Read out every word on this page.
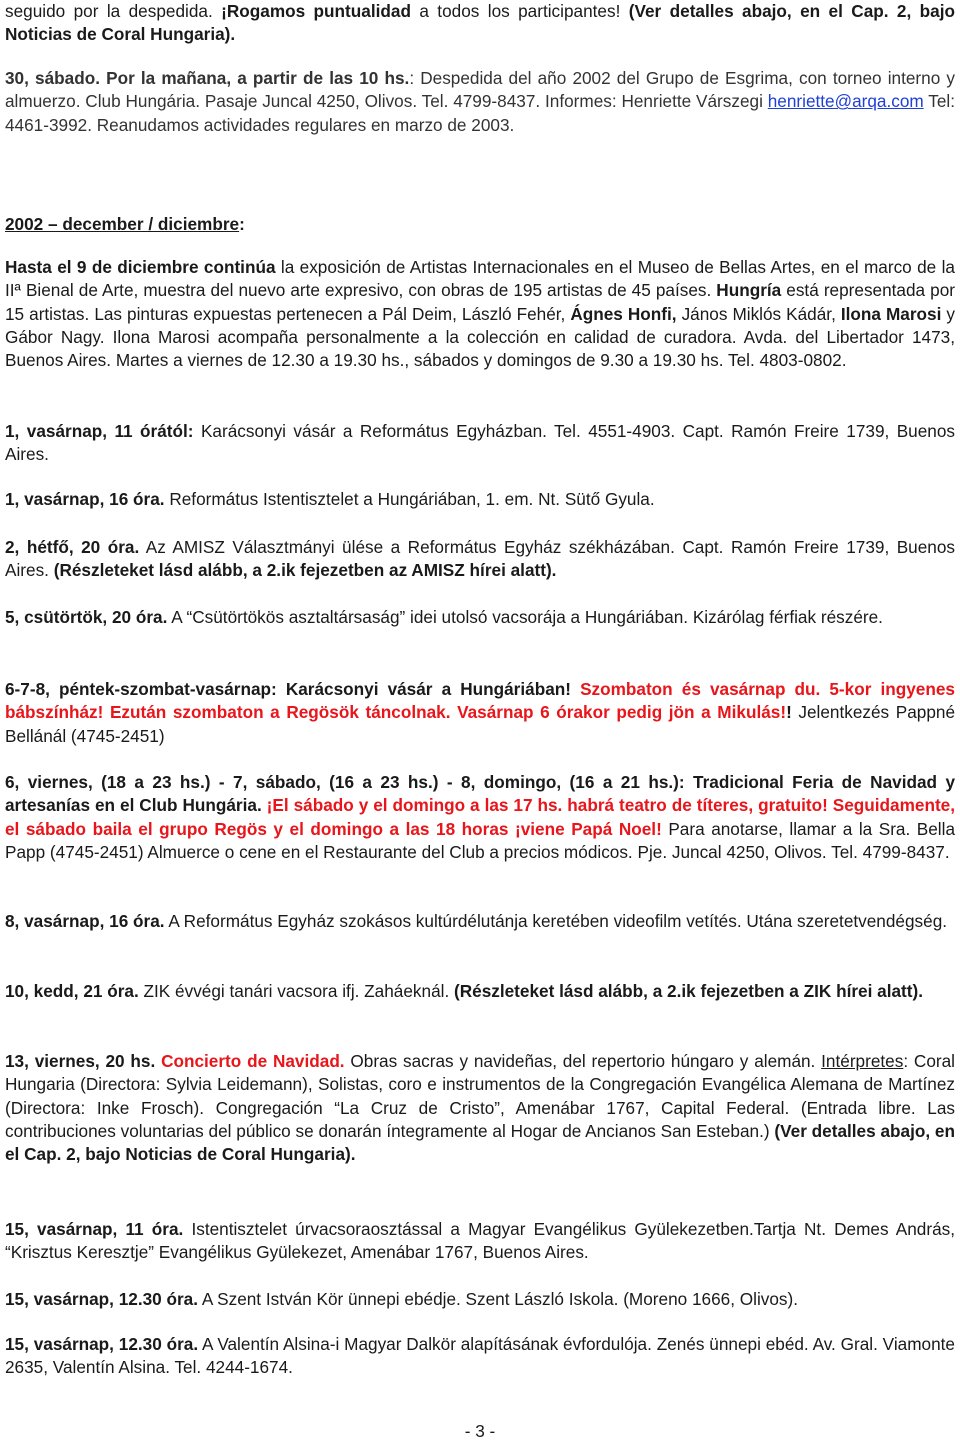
seguido por la despedida. ¡Rogamos puntualidad a todos los participantes! (Ver detalles abajo, en el Cap. 2, bajo Noticias de Coral Hungaria).

30, sábado. Por la mañana, a partir de las 10 hs.: Despedida del año 2002 del Grupo de Esgrima, con torneo interno y almuerzo. Club Hungária. Pasaje Juncal 4250, Olivos. Tel. 4799-8437. Informes: Henriette Várszegi henriette@arqa.com Tel: 4461-3992. Reanudamos actividades regulares en marzo de 2003.

2002 – december / diciembre:

Hasta el 9 de diciembre continúa la exposición de Artistas Internacionales en el Museo de Bellas Artes, en el marco de la IIª Bienal de Arte, muestra del nuevo arte expresivo, con obras de 195 artistas de 45 países. Hungría está representada por 15 artistas. Las pinturas expuestas pertenecen a Pál Deim, László Fehér, Ágnes Honfi, János Miklós Kádár, Ilona Marosi y Gábor Nagy. Ilona Marosi acompaña personalmente a la colección en calidad de curadora. Avda. del Libertador 1473, Buenos Aires. Martes a viernes de 12.30 a 19.30 hs., sábados y domingos de 9.30 a 19.30 hs. Tel. 4803-0802.

1, vasárnap, 11 órától: Karácsonyi vásár a Református Egyházban. Tel. 4551-4903. Capt. Ramón Freire 1739, Buenos Aires.

1, vasárnap, 16 óra. Református Istentisztelet a Hungáriában, 1. em. Nt. Sütő Gyula.

2, hétfő, 20 óra. Az AMISZ Választmányi ülése a Református Egyház székházában. Capt. Ramón Freire 1739, Buenos Aires. (Részleteket lásd alább, a 2.ik fejezetben az AMISZ hírei alatt).

5, csütörtök, 20 óra. A “Csütörtökös asztaltársaság” idei utolsó vacsorája a Hungáriában. Kizárólag férfiak részére.

6-7-8, péntek-szombat-vasárnap: Karácsonyi vásár a Hungáriában! Szombaton és vasárnap du. 5-kor ingyenes bábszínház! Ezután szombaton a Regösök táncolnak. Vasárnap 6 órakor pedig jön a Mikulás!! Jelentkezés Pappné Bellánál (4745-2451)

6, viernes, (18 a 23 hs.) - 7, sábado, (16 a 23 hs.) - 8, domingo, (16 a 21 hs.): Tradicional Feria de Navidad y artesanías en el Club Hungária. ¡El sábado y el domingo a las 17 hs. habrá teatro de títeres, gratuito! Seguidamente, el sábado baila el grupo Regös y el domingo a las 18 horas ¡viene Papá Noel! Para anotarse, llamar a la Sra. Bella Papp (4745-2451) Almuerce o cene en el Restaurante del Club a precios módicos. Pje. Juncal 4250, Olivos. Tel. 4799-8437.

8, vasárnap, 16 óra. A Református Egyház szokásos kultúrdélutánja keretében videofilm vetítés. Utána szeretetvendégség.

10, kedd, 21 óra. ZIK évvégi tanári vacsora ifj. Zaháeknál. (Részleteket lásd alább, a 2.ik fejezetben a ZIK hírei alatt).

13, viernes, 20 hs. Concierto de Navidad. Obras sacras y navideñas, del repertorio húngaro y alemán. Intérpretes: Coral Hungaria (Directora: Sylvia Leidemann), Solistas, coro e instrumentos de la Congregación Evangélica Alemana de Martínez (Directora: Inke Frosch). Congregación “La Cruz de Cristo”, Amenábar 1767, Capital Federal. (Entrada libre. Las contribuciones voluntarias del público se donarán íntegramente al Hogar de Ancianos San Esteban.) (Ver detalles abajo, en el Cap. 2, bajo Noticias de Coral Hungaria).

15, vasárnap, 11 óra. Istentisztelet úrvacsoraosztással a Magyar Evangélikus Gyülekezetben.Tartja Nt. Demes András, “Krisztus Keresztje” Evangélikus Gyülekezet, Amenábar 1767, Buenos Aires.

15, vasárnap, 12.30 óra. A Szent István Kör ünnepi ebédje. Szent László Iskola. (Moreno 1666, Olivos).

15, vasárnap, 12.30 óra. A Valentín Alsina-i Magyar Dalkör alapításának évfordulója. Zenés ünnepi ebéd. Av. Gral. Viamonte 2635, Valentín Alsina. Tel. 4244-1674.

- 3 -
